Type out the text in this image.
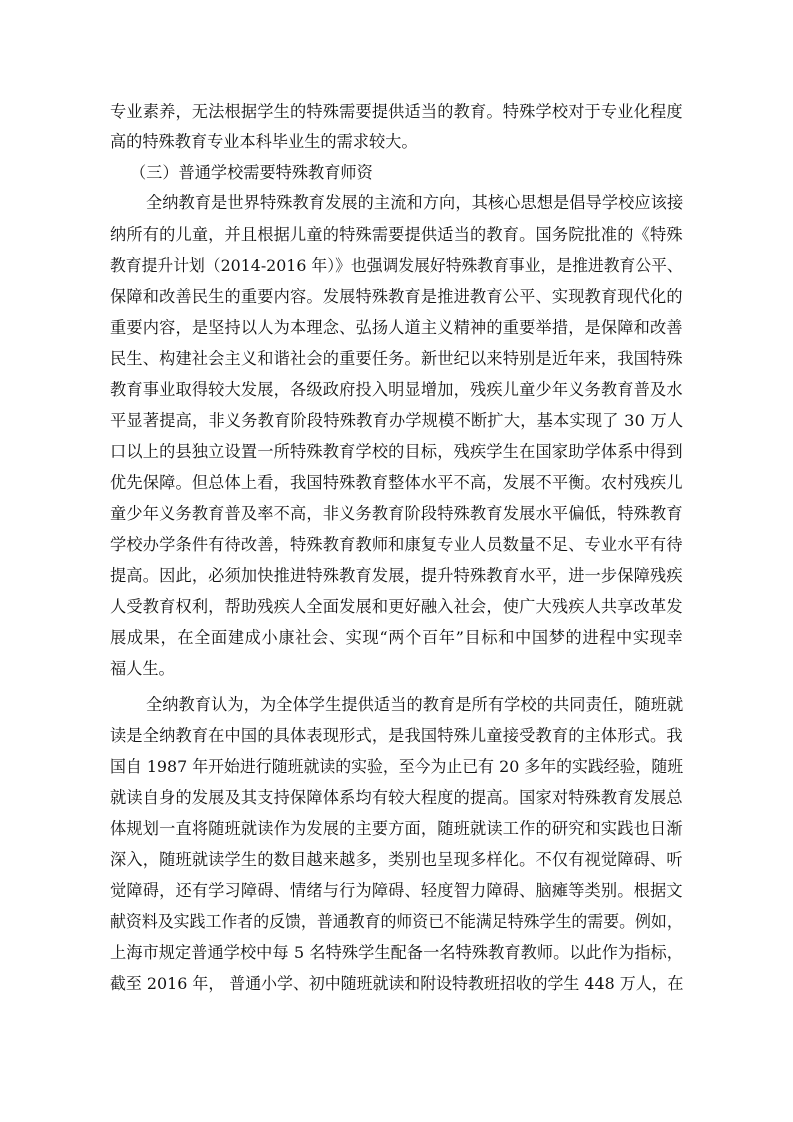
专业素养，无法根据学生的特殊需要提供适当的教育。特殊学校对于专业化程度
高的特殊教育专业本科毕业生的需求较大。
（三）普通学校需要特殊教育师资
全纳教育是世界特殊教育发展的主流和方向，其核心思想是倡导学校应该接
纳所有的儿童，并且根据儿童的特殊需要提供适当的教育。国务院批准的《特殊
教育提升计划（2014-2016 年）》也强调发展好特殊教育事业，是推进教育公平、
保障和改善民生的重要内容。发展特殊教育是推进教育公平、实现教育现代化的
重要内容，是坚持以人为本理念、弘扬人道主义精神的重要举措，是保障和改善
民生、构建社会主义和谐社会的重要任务。新世纪以来特别是近年来，我国特殊
教育事业取得较大发展，各级政府投入明显增加，残疾儿童少年义务教育普及水
平显著提高，非义务教育阶段特殊教育办学规模不断扩大，基本实现了 30 万人
口以上的县独立设置一所特殊教育学校的目标，残疾学生在国家助学体系中得到
优先保障。但总体上看，我国特殊教育整体水平不高，发展不平衡。农村残疾儿
童少年义务教育普及率不高，非义务教育阶段特殊教育发展水平偏低，特殊教育
学校办学条件有待改善，特殊教育教师和康复专业人员数量不足、专业水平有待
提高。因此，必须加快推进特殊教育发展，提升特殊教育水平，进一步保障残疾
人受教育权利，帮助残疾人全面发展和更好融入社会，使广大残疾人共享改革发
展成果，在全面建成小康社会、实现“两个百年”目标和中国梦的进程中实现幸
福人生。
全纳教育认为，为全体学生提供适当的教育是所有学校的共同责任，随班就
读是全纳教育在中国的具体表现形式，是我国特殊儿童接受教育的主体形式。我
国自 1987 年开始进行随班就读的实验，至今为止已有 20 多年的实践经验，随班
就读自身的发展及其支持保障体系均有较大程度的提高。国家对特殊教育发展总
体规划一直将随班就读作为发展的主要方面，随班就读工作的研究和实践也日渐
深入，随班就读学生的数目越来越多，类别也呈现多样化。不仅有视觉障碍、听
觉障碍，还有学习障碍、情绪与行为障碍、轻度智力障碍、脑瘫等类别。根据文
献资料及实践工作者的反馈，普通教育的师资已不能满足特殊学生的需要。例如，
上海市规定普通学校中每 5 名特殊学生配备一名特殊教育教师。以此作为指标，
截至 2016 年， 普通小学、初中随班就读和附设特教班招收的学生 448 万人，在
